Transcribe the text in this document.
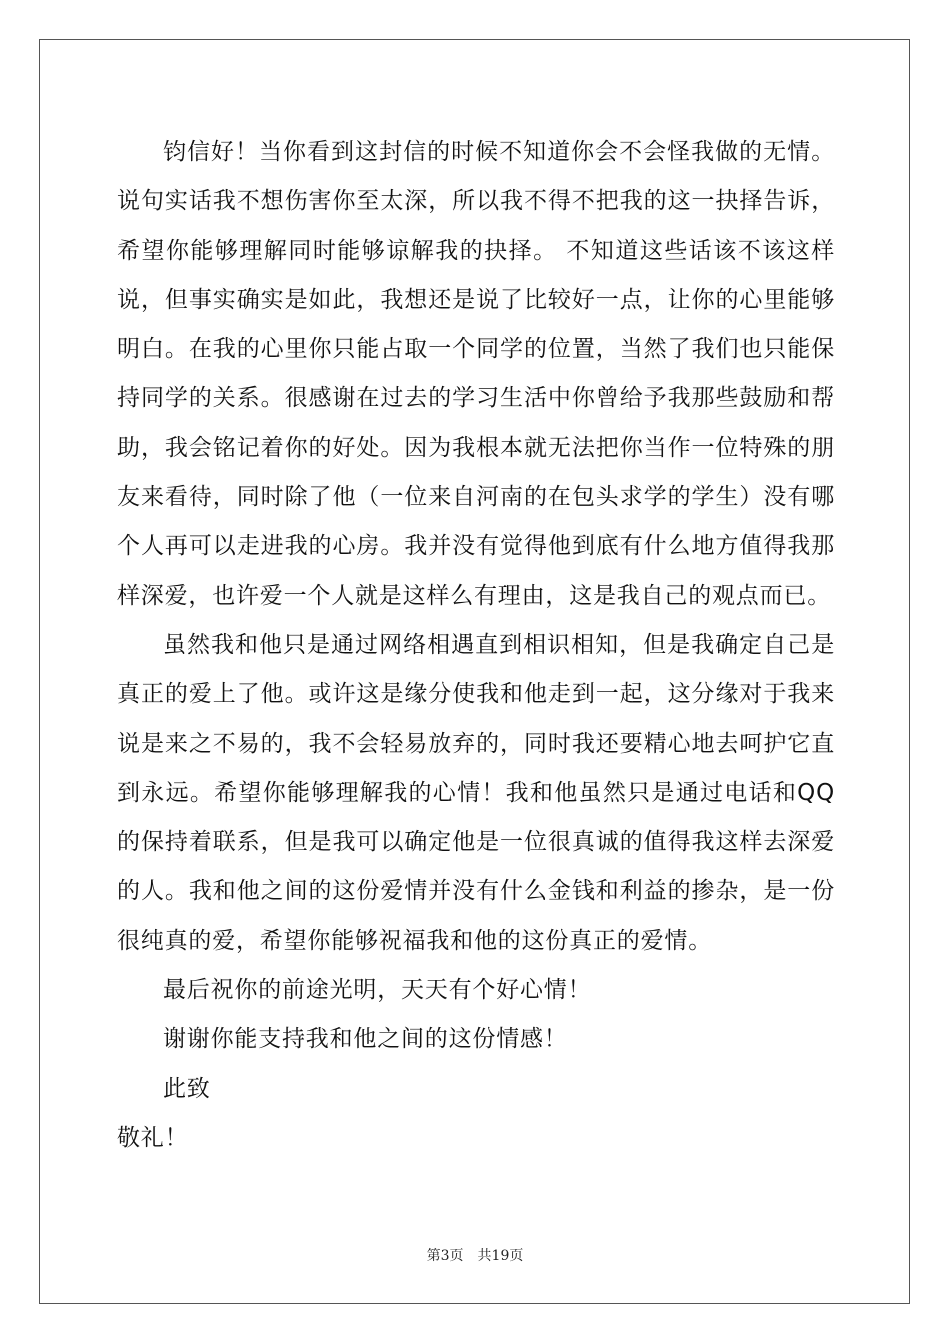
钧信好！当你看到这封信的时候不知道你会不会怪我做的无情。说句实话我不想伤害你至太深，所以我不得不把我的这一抉择告诉，希望你能够理解同时能够谅解我的抉择。 不知道这些话该不该这样说，但事实确实是如此，我想还是说了比较好一点，让你的心里能够明白。在我的心里你只能占取一个同学的位置，当然了我们也只能保持同学的关系。很感谢在过去的学习生活中你曾给予我那些鼓励和帮助，我会铭记着你的好处。因为我根本就无法把你当作一位特殊的朋友来看待，同时除了他（一位来自河南的在包头求学的学生）没有哪个人再可以走进我的心房。我并没有觉得他到底有什么地方值得我那样深爱，也许爱一个人就是这样么有理由，这是我自己的观点而已。

虽然我和他只是通过网络相遇直到相识相知，但是我确定自己是真正的爱上了他。或许这是缘分使我和他走到一起，这分缘对于我来说是来之不易的，我不会轻易放弃的，同时我还要精心地去呵护它直到永远。希望你能够理解我的心情！我和他虽然只是通过电话和QQ的保持着联系，但是我可以确定他是一位很真诚的值得我这样去深爱的人。我和他之间的这份爱情并没有什么金钱和利益的掺杂，是一份很纯真的爱，希望你能够祝福我和他的这份真正的爱情。

最后祝你的前途光明，天天有个好心情！

谢谢你能支持我和他之间的这份情感！

此致

敬礼！

第3页 共19页
